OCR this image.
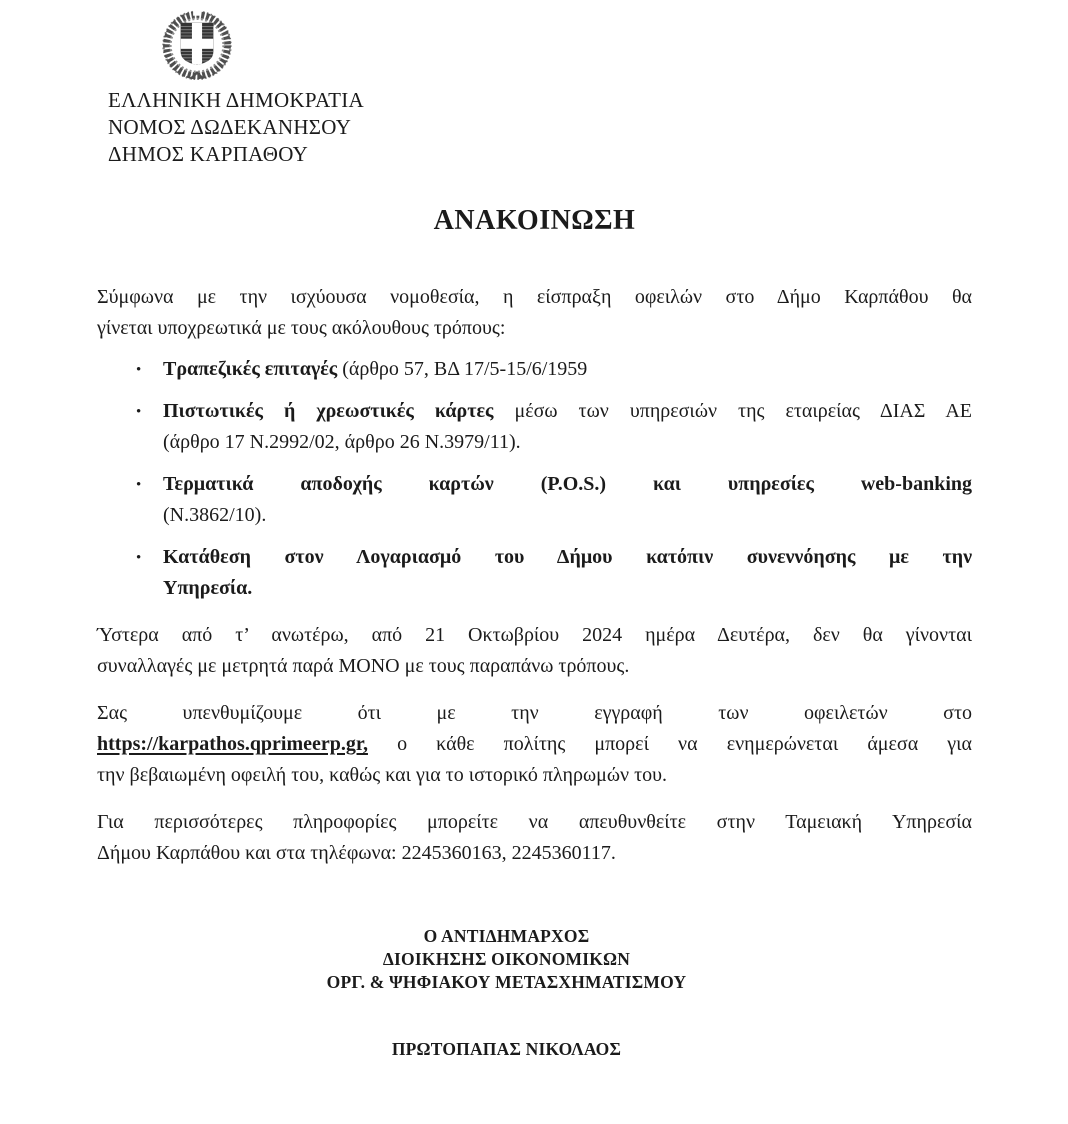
ΕΛΛΗΝΙΚΗ ΔΗΜΟΚΡΑΤΙΑ
ΝΟΜΟΣ ΔΩΔΕΚΑΝΗΣΟΥ
ΔΗΜΟΣ ΚΑΡΠΑΘΟΥ
ΑΝΑΚΟΙΝΩΣΗ

Σύμφωνα με την ισχύουσα νομοθεσία, η είσπραξη οφειλών στο Δήμο Καρπάθου θα
γίνεται υποχρεωτικά με τους ακόλουθους τρόπους:

• Τραπεζικές επιταγές (άρθρο 57, ΒΔ 17/5-15/6/1959
• Πιστωτικές ή χρεωστικές κάρτες μέσω των υπηρεσιών της εταιρείας ΔΙΑΣ ΑΕ
(άρθρο 17 Ν.2992/02, άρθρο 26 Ν.3979/11).
• Τερματικά αποδοχής καρτών (P.O.S.) και υπηρεσίες web-banking
(Ν.3862/10).
• Κατάθεση στον Λογαριασμό του Δήμου κατόπιν συνεννόησης με την
Υπηρεσία.

Ύστερα από τ’ ανωτέρω, από 21 Οκτωβρίου 2024 ημέρα Δευτέρα, δεν θα γίνονται
συναλλαγές με μετρητά παρά ΜΟΝΟ με τους παραπάνω τρόπους.

Σας υπενθυμίζουμε ότι με την εγγραφή των οφειλετών στο
https://karpathos.qprimeerp.gr, ο κάθε πολίτης μπορεί να ενημερώνεται άμεσα για
την βεβαιωμένη οφειλή του, καθώς και για το ιστορικό πληρωμών του.

Για περισσότερες πληροφορίες μπορείτε να απευθυνθείτε στην Ταμειακή Υπηρεσία
Δήμου Καρπάθου και στα τηλέφωνα: 2245360163, 2245360117.

Ο ΑΝΤΙΔΗΜΑΡΧΟΣ
ΔΙΟΙΚΗΣΗΣ ΟΙΚΟΝΟΜΙΚΩΝ
ΟΡΓ. & ΨΗΦΙΑΚΟΥ ΜΕΤΑΣΧΗΜΑΤΙΣΜΟΥ
ΠΡΩΤΟΠΑΠΑΣ ΝΙΚΟΛΑΟΣ
